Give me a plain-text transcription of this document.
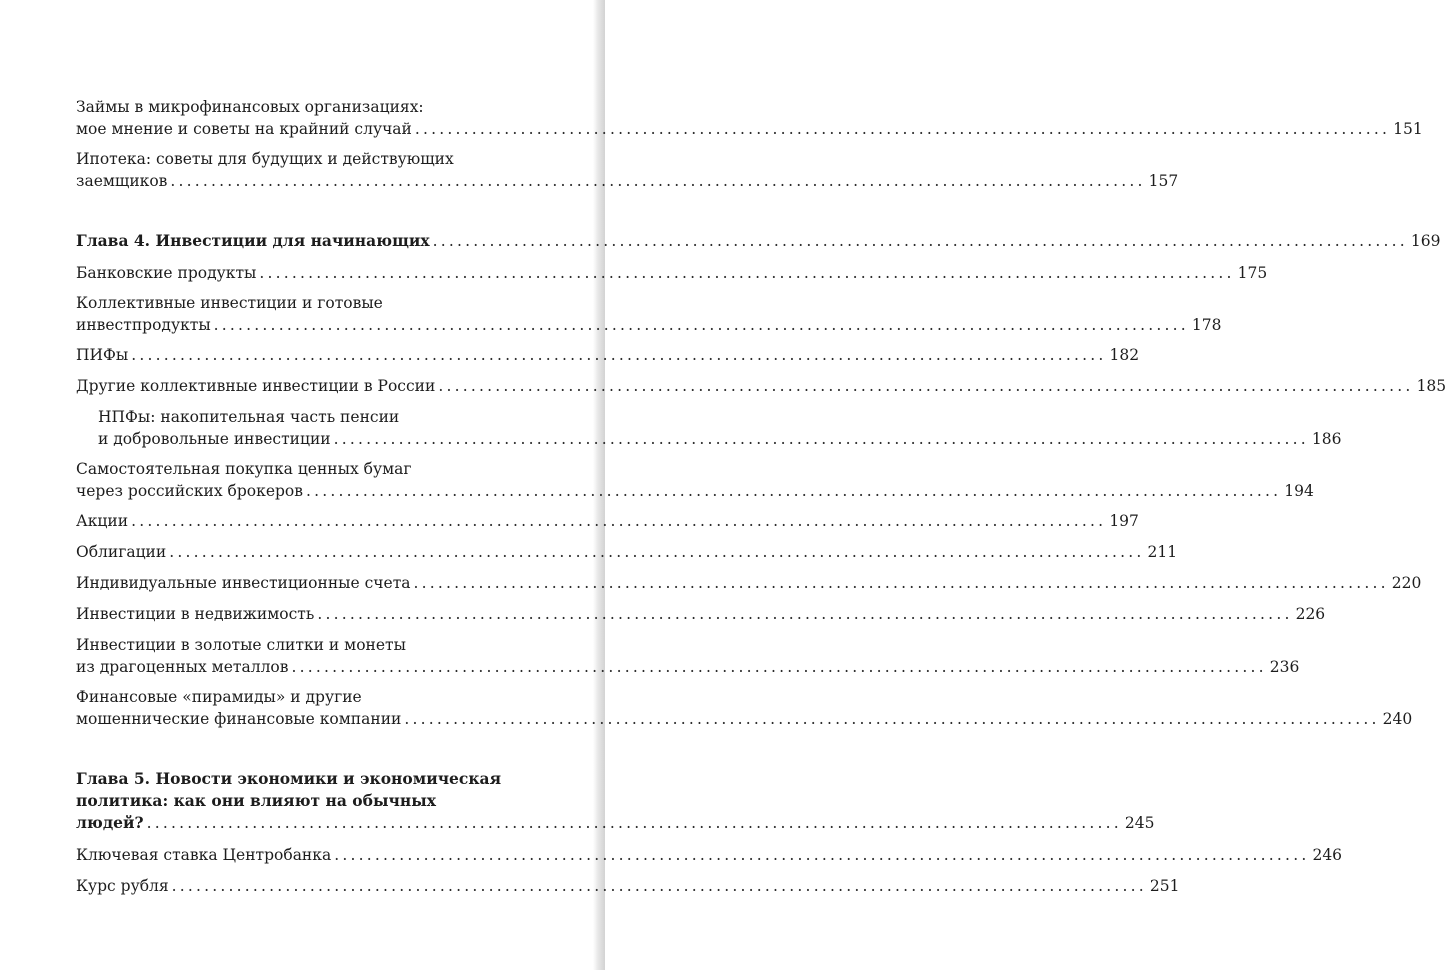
Займы в микрофинансовых организациях:
мое мнение и советы на крайний случай ........................................................................................................................ 151
Ипотека: советы для будущих и действующих
заемщиков ........................................................................................................................ 157
Глава 4. Инвестиции для начинающих ........................................................................................................................ 169
Банковские продукты ........................................................................................................................ 175
Коллективные инвестиции и готовые
инвестпродукты ........................................................................................................................ 178
ПИФы ........................................................................................................................ 182
Другие коллективные инвестиции в России ........................................................................................................................ 185
НПФы: накопительная часть пенсии
и добровольные инвестиции ........................................................................................................................ 186
Самостоятельная покупка ценных бумаг
через российских брокеров ........................................................................................................................ 194
Акции ........................................................................................................................ 197
Облигации ........................................................................................................................ 211
Индивидуальные инвестиционные счета ........................................................................................................................ 220
Инвестиции в недвижимость ........................................................................................................................ 226
Инвестиции в золотые слитки и монеты
из драгоценных металлов ........................................................................................................................ 236
Финансовые «пирамиды» и другие
мошеннические финансовые компании ........................................................................................................................ 240
Глава 5. Новости экономики и экономическая
политика: как они влияют на обычных
людей? ........................................................................................................................ 245
Ключевая ставка Центробанка ........................................................................................................................ 246
Курс рубля ........................................................................................................................ 251
